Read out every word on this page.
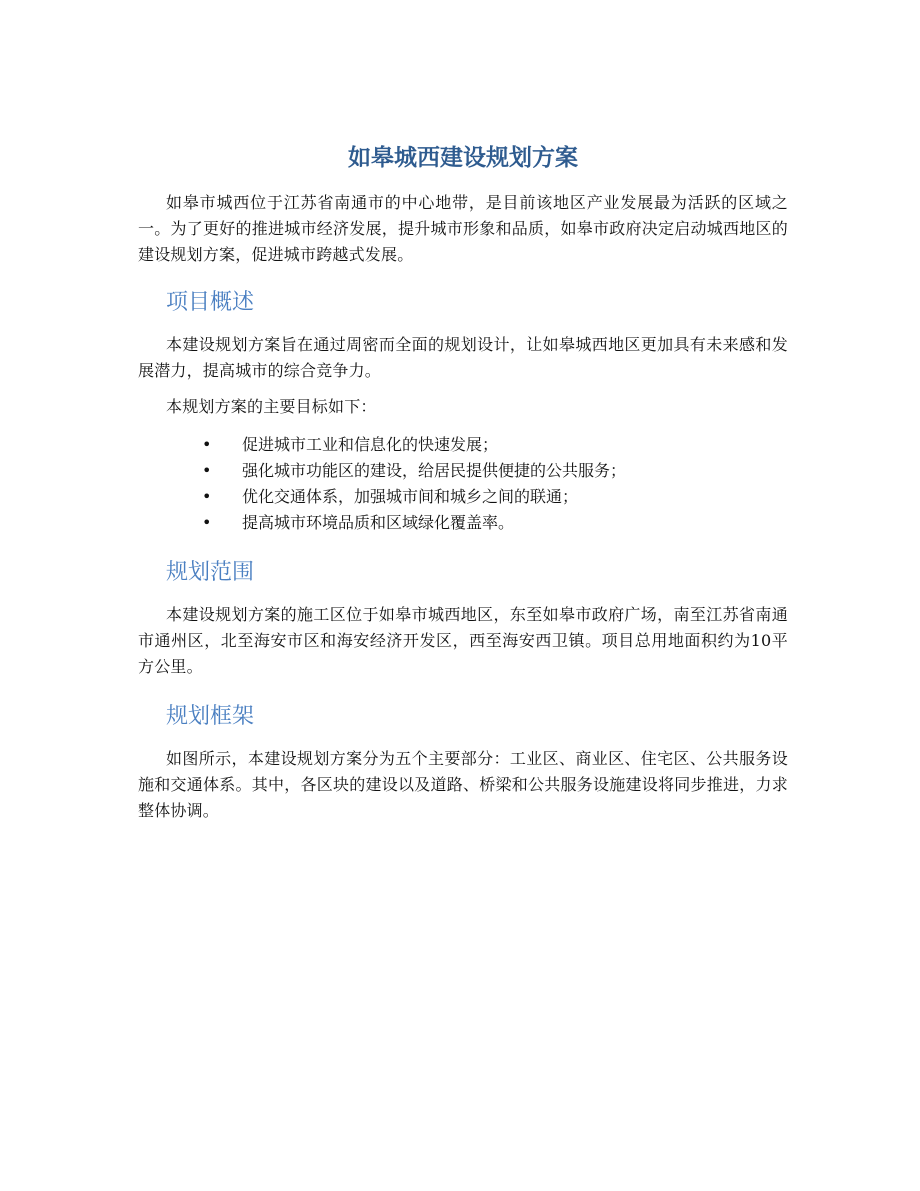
如皋城西建设规划方案

如皋市城西位于江苏省南通市的中心地带，是目前该地区产业发展最为活跃的区域之一。为了更好的推进城市经济发展，提升城市形象和品质，如皋市政府决定启动城西地区的建设规划方案，促进城市跨越式发展。

项目概述

本建设规划方案旨在通过周密而全面的规划设计，让如皋城西地区更加具有未来感和发展潜力，提高城市的综合竞争力。

本规划方案的主要目标如下：

• 促进城市工业和信息化的快速发展；
• 强化城市功能区的建设，给居民提供便捷的公共服务；
• 优化交通体系，加强城市间和城乡之间的联通；
• 提高城市环境品质和区域绿化覆盖率。
规划范围

本建设规划方案的施工区位于如皋市城西地区，东至如皋市政府广场，南至江苏省南通市通州区，北至海安市区和海安经济开发区，西至海安西卫镇。项目总用地面积约为10平方公里。

规划框架

如图所示，本建设规划方案分为五个主要部分：工业区、商业区、住宅区、公共服务设施和交通体系。其中，各区块的建设以及道路、桥梁和公共服务设施建设将同步推进，力求整体协调。
